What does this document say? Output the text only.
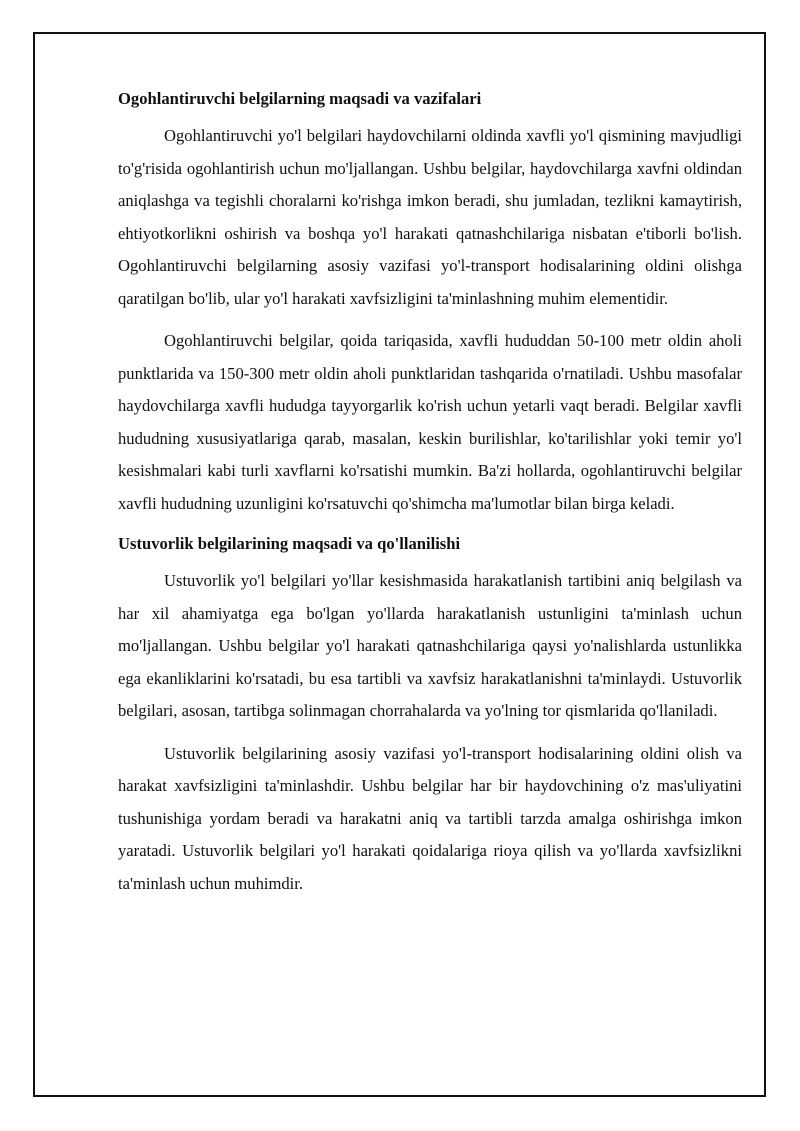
Ogohlantiruvchi belgilarning maqsadi va vazifalari

Ogohlantiruvchi yo'l belgilari haydovchilarni oldinda xavfli yo'l qismining mavjudligi to'g'risida ogohlantirish uchun mo'ljallangan. Ushbu belgilar, haydovchilarga xavfni oldindan aniqlashga va tegishli choralarni ko'rishga imkon beradi, shu jumladan, tezlikni kamaytirish, ehtiyotkorlikni oshirish va boshqa yo'l harakati qatnashchilariga nisbatan e'tiborli bo'lish. Ogohlantiruvchi belgilarning asosiy vazifasi yo'l-transport hodisalarining oldini olishga qaratilgan bo'lib, ular yo'l harakati xavfsizligini ta'minlashning muhim elementidir.

Ogohlantiruvchi belgilar, qoida tariqasida, xavfli hududdan 50-100 metr oldin aholi punktlarida va 150-300 metr oldin aholi punktlaridan tashqarida o'rnatiladi. Ushbu masofalar haydovchilarga xavfli hududga tayyorgarlik ko'rish uchun yetarli vaqt beradi. Belgilar xavfli hududning xususiyatlariga qarab, masalan, keskin burilishlar, ko'tarilishlar yoki temir yo'l kesishmalari kabi turli xavflarni ko'rsatishi mumkin. Ba'zi hollarda, ogohlantiruvchi belgilar xavfli hududning uzunligini ko'rsatuvchi qo'shimcha ma'lumotlar bilan birga keladi.

Ustuvorlik belgilarining maqsadi va qo'llanilishi

Ustuvorlik yo'l belgilari yo'llar kesishmasida harakatlanish tartibini aniq belgilash va har xil ahamiyatga ega bo'lgan yo'llarda harakatlanish ustunligini ta'minlash uchun mo'ljallangan. Ushbu belgilar yo'l harakati qatnashchilariga qaysi yo'nalishlarda ustunlikka ega ekanliklarini ko'rsatadi, bu esa tartibli va xavfsiz harakatlanishni ta'minlaydi. Ustuvorlik belgilari, asosan, tartibga solinmagan chorrahalarda va yo'lning tor qismlarida qo'llaniladi.

Ustuvorlik belgilarining asosiy vazifasi yo'l-transport hodisalarining oldini olish va harakat xavfsizligini ta'minlashdir. Ushbu belgilar har bir haydovchining o'z mas'uliyatini tushunishiga yordam beradi va harakatni aniq va tartibli tarzda amalga oshirishga imkon yaratadi. Ustuvorlik belgilari yo'l harakati qoidalariga rioya qilish va yo'llarda xavfsizlikni ta'minlash uchun muhimdir.
